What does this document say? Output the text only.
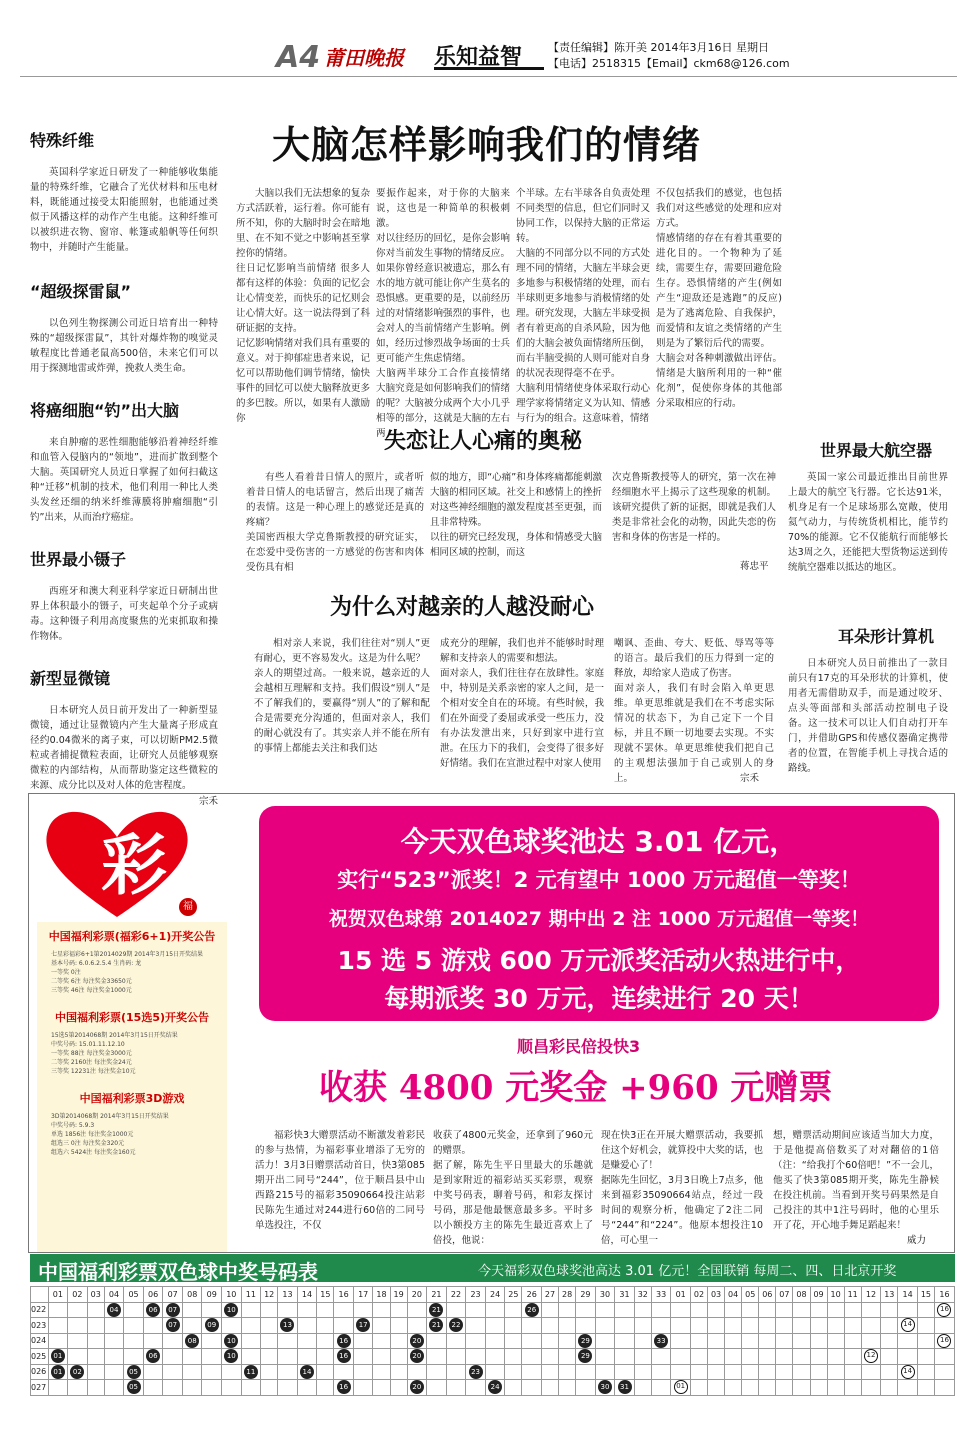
A4 莆田晚报 乐知益智	【责任编辑】陈开美 2014年3月16日 星期日
【电话】2518315【Email】ckm68@126.com
特殊纤维

英国科学家近日研发了一种能够收集能量的特殊纤维，它融合了光伏材料和压电材料，既能通过接受太阳能照射，也能通过类似于风播这样的动作产生电能。这种纤维可以被织进衣物、窗帘、帐篷或船帆等任何织物中，并随时产生能量。

“超级探雷鼠”

以色列生物探测公司近日培育出一种特殊的“超级探雷鼠”，其针对爆炸物的嗅觉灵敏程度比普通老鼠高500倍，未来它们可以用于探测地雷或炸弹，挽救人类生命。

将癌细胞“钓”出大脑

来自肿瘤的恶性细胞能够沿着神经纤维和血管入侵脑内的“领地”，进而扩散到整个大脑。英国研究人员近日掌握了如何扫截这种“迁移”机制的技术，他们利用一种比人类头发丝还细的纳米纤维薄膜将肿瘤细胞“引钓”出来，从而治疗癌症。

世界最小镊子

西班牙和澳大利亚科学家近日研制出世界上体积最小的镊子，可夹起单个分子或病毒。这种镊子利用高度聚焦的光束抓取和操作物体。

新型显微镜

日本研究人员日前开发出了一种新型显微镜，通过让显微镜内产生大量离子形成直径约0.04微米的离子束，可以切断PM2.5微粒或者捕捉微粒表面，让研究人员能够观察微粒的内部结构，从而帮助鉴定这些微粒的来源、成分比以及对人体的危害程度。

宗禾
大脑怎样影响我们的情绪

大脑以我们无法想象的复杂方式活跃着，运行着。你可能有所不知，你的大脑时时会在暗地里、在不知不觉之中影响甚至掌控你的情绪。
往日记忆影响当前情绪 很多人都有这样的体验：负面的记忆会让心情变差，而快乐的记忆则会让心情大好。这一说法得到了科研证据的支持。
记忆影响情绪对我们具有重要的意义。对于抑郁症患者来说，记忆可以帮助他们调节情绪，愉快事件的回忆可以使大脑释放更多的多巴胺。所以，如果有人激励你

要振作起来，对于你的大脑来说，这也是一种简单的积极刺激。
对以往经历的回忆，是你会影响你对当前发生事物的情绪反应。如果你曾经意识被遗忘，那么有水的地方就可能让你产生莫名的恐惧感。更重要的是，以前经历过的对情绪影响强烈的事件，也会对人的当前情绪产生影响。例如，经历过惨烈战争场面的士兵更可能产生焦虑情绪。
大脑两半球分工合作直接情绪 大脑究竟是如何影响我们的情绪的呢？大脑被分成两个大小几乎相等的部分，这就是大脑的左右两

个半球。左右半球各自负责处理不同类型的信息，但它们同时又协同工作，以保持大脑的正常运转。
大脑的不同部分以不同的方式处理不同的情绪，大脑左半球会更多地参与积极情绪的处理，而右半球则更多地参与消极情绪的处理。研究发现，大脑左半球受损者有着更高的自杀风险，因为他们的大脑会被负面情绪所压倒，而右半脑受损的人则可能对自身的状况表现得毫不在乎。
大脑利用情绪使身体采取行动心理学家将情绪定义为认知、情感与行为的组合。这意味着，情绪

不仅包括我们的感觉，也包括我们对这些感觉的处理和应对方式。
情感情绪的存在有着其重要的进化目的。一个物种为了延续，需要生存，需要回避危险生存。恐惧情绪的产生(例如产生“迎敌还是逃跑”的反应)是为了逃离危险、自我保护，而爱情和友谊之类情绪的产生则是为了繁衍后代的需要。
大脑会对各种刺激做出评估。情绪是大脑所利用的一种“催化剂”，促使你身体的其他部分采取相应的行动。

失恋让人心痛的奥秘

有些人看着昔日情人的照片，或者听着昔日情人的电话留言，然后出现了痛苦的表情。这是一种心理上的感觉还是真的疼痛？
美国密西根大学克鲁斯教授的研究证实，在恋爱中受伤害的一方感觉的伤害和肉体受伤具有相

似的地方，即“心痛”和身体疼痛都能刺激大脑的相同区域。社交上和感情上的挫折对这些神经细胞的激发程度甚至更强，而且非常特殊。
以往的研究已经发现，身体和情感受大脑相同区域的控制，而这

次克鲁斯教授等人的研究，第一次在神经细胞水平上揭示了这些现象的机制。该研究提供了新的证据，即就是我们人类是非常社会化的动物，因此失恋的伤害和身体的伤害是一样的。

蒋忠平
为什么对越亲的人越没耐心

相对亲人来说，我们往往对“别人”更有耐心，更不容易发火。这是为什么呢？
亲人的期望过高。一般来说，越亲近的人会越相互理解和支持。我们假设“别人”是不了解我们的，要赢得“别人”的了解和配合是需要充分沟通的，但面对亲人，我们的耐心就没有了。其实亲人并不能在所有的事情上都能去关注和我们达

成充分的理解，我们也并不能够时时理解和支持亲人的需要和想法。
面对亲人，我们往往存在放肆性。家庭中，特别是关系亲密的家人之间，是一个相对安全自在的环境。有些时候，我们在外面受了委屈或承受一些压力，没有办法发泄出来，只好到家中进行宣泄。在压力下的我们，会变得了很多好好情绪。我们在宣泄过程中对家人使用

嘲讽、歪曲、夸大、贬低、辱骂等等的语言。最后我们的压力得到一定的释放，却给家人造成了伤害。
面对亲人，我们有时会陷入单更思维。单更思维就是我们在不考虑实际情况的状态下，为自己定下一个目标，并且不顾一切地要去实现。不实现就不罢休。单更思维使我们把自己的主观想法强加于自己或别人的身上。	宗禾
世界最大航空器

英国一家公司最近推出目前世界上最大的航空飞行器。它长达91米，机身足有一个足球场那么宽敞，使用氦气动力，与传统货机相比，能节约70%的能源。它不仅能航行而能够长达3周之久，还能把大型货物运送到传统航空器难以抵达的地区。

耳朵形计算机

日本研究人员日前推出了一款目前只有17克的耳朵形状的计算机，使用者无需借助双手，而是通过咬牙、点头等面部和头部活动控制电子设备。这一技术可以让人们自动打开车门，并借助GPS和传感仪器确定携带者的位置，在智能手机上寻找合适的路线。

彩
福
中国福利彩票(福彩6+1)开奖公告
七星彩福彩6+1第2014029期 2014年3月15日开奖结果
基本号码: 6.0.6.2.5.4 生肖码: 龙
一等奖 0注
二等奖 6注 每注奖金33650元
三等奖 46注 每注奖金1000元
中国福利彩票(15选5)开奖公告
15选5第2014068期 2014年3月15日开奖结果
中奖号码: 15.01.11.12.10
一等奖 88注 每注奖金3000元
二等奖 2160注 每注奖金24元
三等奖 12231注 每注奖金10元
中国福利彩票3D游戏
3D第2014068期 2014年3月15日开奖结果
中奖号码: 5.9.3
单选 1856注 每注奖金1000元
组选三 0注 每注奖金320元
组选六 5424注 每注奖金160元
今天双色球奖池达 3.01 亿元，
实行“523”派奖！2 元有望中 1000 万元超值一等奖！
祝贺双色球第 2014027 期中出 2 注 1000 万元超值一等奖！
15 选 5 游戏 600 万元派奖活动火热进行中，
每期派奖 30 万元，连续进行 20 天！
顺昌彩民倍投快3
收获 4800 元奖金 +960 元赠票

福彩快3大赠票活动不断激发着彩民的参与热情，为福彩事业增添了无穷的活力！3月3日赠票活动首日，快3第085期开出二同号“244”，位于顺昌县中山西路215号的福彩35090664投注站彩民陈先生通过对244进行60倍的二同号单选投注，不仅

收获了4800元奖金，还拿到了960元的赠票。
据了解，陈先生平日里最大的乐趣就是到家附近的福彩站买买彩票，观察中奖号码表，聊着号码，和彩友探讨号码，那是他最惬意最多多。平时多以小额投方主的陈先生最近喜欢上了倍投，他说：

现在快3正在开展大赠票活动，我要抓住这个好机会，就算投中大奖的话，也是赚爱心了！
据陈先生回忆，3月3日晚上7点多，他来到福彩35090664站点，经过一段时间的观察分析，他确定了2注二同号“244”和“224”。他原本想投注10倍，可心里一

想，赠票活动期间应该适当加大力度，于是他提高倍数买了对对翻倍的1倍（注：“给我打个60倍吧！”不一会儿，他买了快3第085期开奖，陈先生静候在投注机前。当看到开奖号码果然是自己投注的其中1注号码时，他的心里乐开了花，开心地手舞足蹈起来！

威力
中国福利彩票双色球中奖号码表	今天福彩双色球奖池高达 3.01 亿元！全国联销 每周二、四、日北京开奖
	01	02	03	04	05	06	07	08	09	10	11	12	13	14	15	16	17	18	19	20	21	22	23	24	25	26	27	28	29	30	31	32	33	01	02	03	04	05	06	07	08	09	10	11	12	13	14	15	16
022				04		06	07			10											21					26																							16
023							07		09				13				17				21	22																									14		
024								08		10						16				20									29				33																16
025	01					06				10						16				20									29																12				
026	01	02			05						11			14									23																								14		
027					05											16				20				24						30	31			01															
